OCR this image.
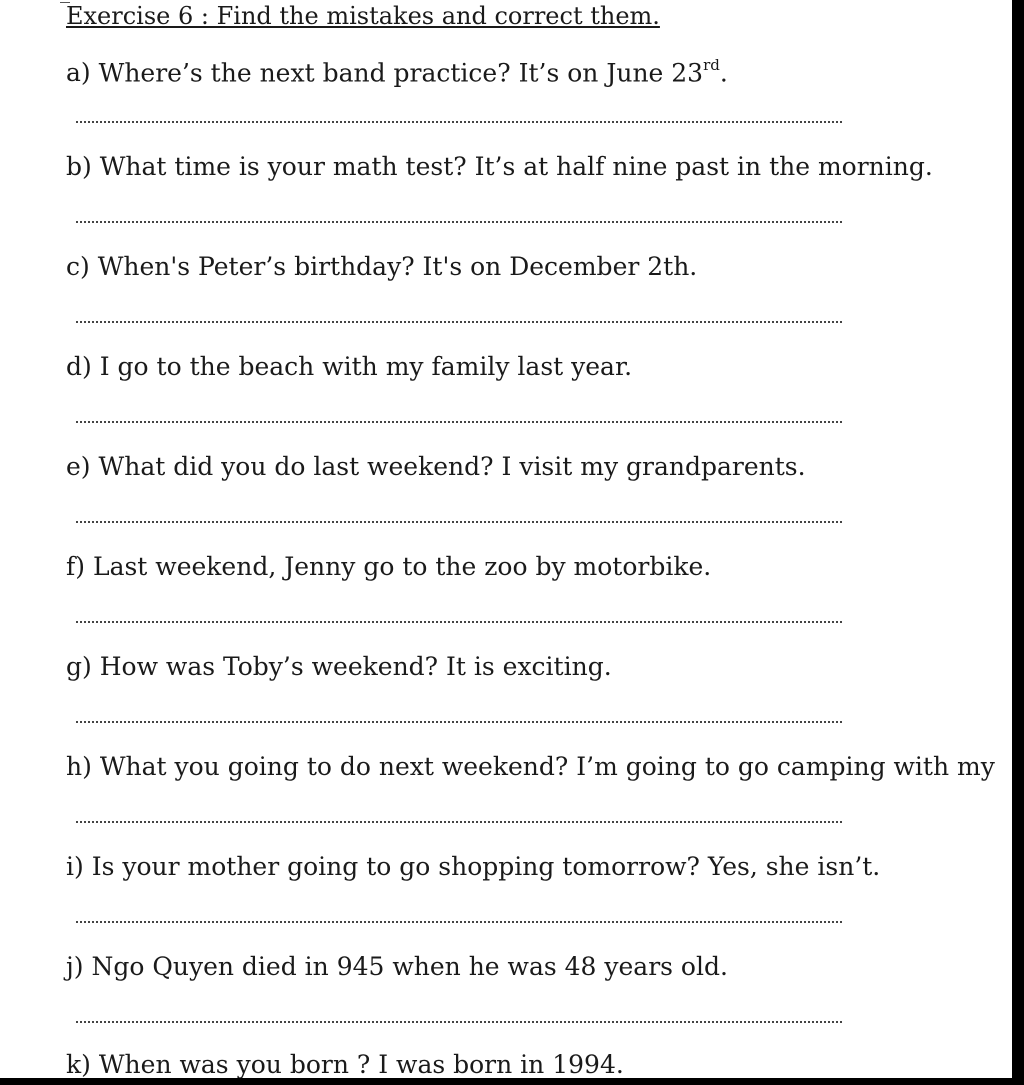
Exercise 6 : Find the mistakes and correct them.
a) Where’s the next band practice? It’s on June 23rd.
b) What time is your math test? It’s at half nine past in the morning.
c) When's Peter’s birthday? It's on December 2th.
d) I go to the beach with my family last year.
e) What did you do last weekend? I visit my grandparents.
f) Last weekend, Jenny go to the zoo by motorbike.
g) How was Toby’s weekend? It is exciting.
h) What you going to do next weekend? I’m going to go camping with my
i) Is your mother going to go shopping tomorrow? Yes, she isn’t.
j) Ngo Quyen died in 945 when he was 48 years old.
k) When was you born ? I was born in 1994.
